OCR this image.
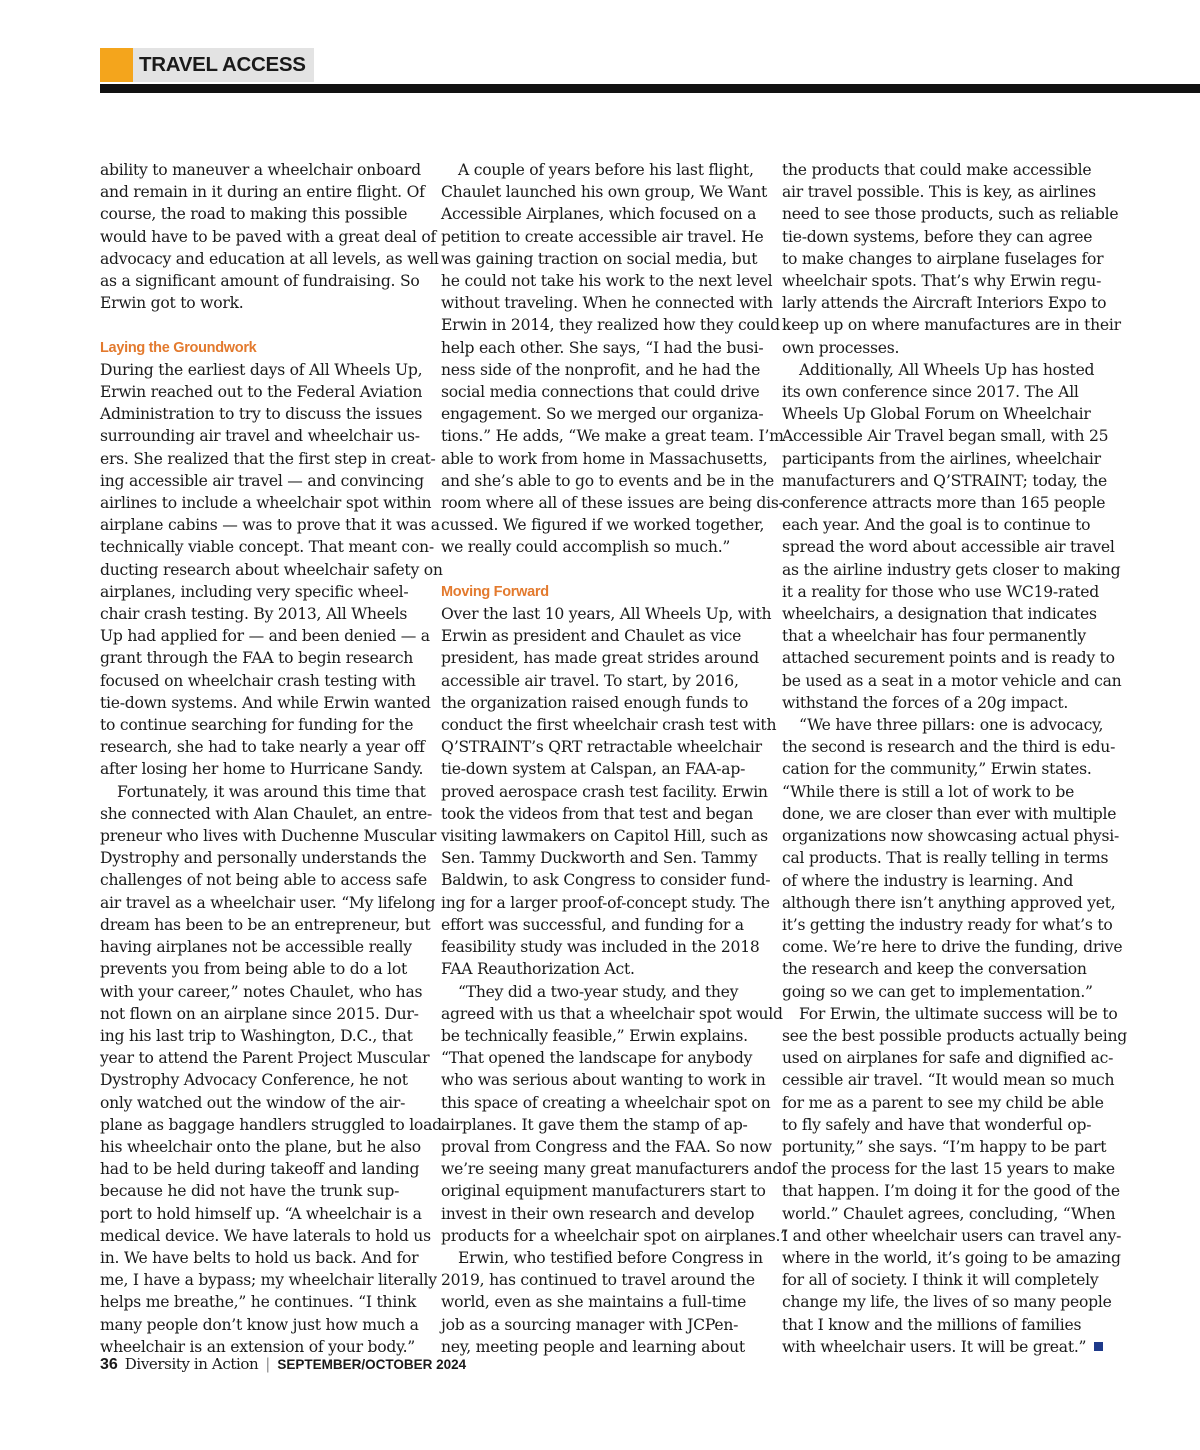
TRAVEL ACCESS

ability to maneuver a wheelchair onboard

and remain in it during an entire flight. Of

course, the road to making this possible

would have to be paved with a great deal of

advocacy and education at all levels, as well

as a significant amount of fundraising. So

Erwin got to work.

Laying the Groundwork

During the earliest days of All Wheels Up,

Erwin reached out to the Federal Aviation

Administration to try to discuss the issues

surrounding air travel and wheelchair us-

ers. She realized that the first step in creat-

ing accessible air travel — and convincing

airlines to include a wheelchair spot within

airplane cabins — was to prove that it was a

technically viable concept. That meant con-

ducting research about wheelchair safety on

airplanes, including very specific wheel-

chair crash testing. By 2013, All Wheels

Up had applied for — and been denied — a

grant through the FAA to begin research

focused on wheelchair crash testing with

tie-down systems. And while Erwin wanted

to continue searching for funding for the

research, she had to take nearly a year off

after losing her home to Hurricane Sandy.

Fortunately, it was around this time that

she connected with Alan Chaulet, an entre-

preneur who lives with Duchenne Muscular

Dystrophy and personally understands the

challenges of not being able to access safe

air travel as a wheelchair user. “My lifelong

dream has been to be an entrepreneur, but

having airplanes not be accessible really

prevents you from being able to do a lot

with your career,” notes Chaulet, who has

not flown on an airplane since 2015. Dur-

ing his last trip to Washington, D.C., that

year to attend the Parent Project Muscular

Dystrophy Advocacy Conference, he not

only watched out the window of the air-

plane as baggage handlers struggled to load

his wheelchair onto the plane, but he also

had to be held during takeoff and landing

because he did not have the trunk sup-

port to hold himself up. “A wheelchair is a

medical device. We have laterals to hold us

in. We have belts to hold us back. And for

me, I have a bypass; my wheelchair literally

helps me breathe,” he continues. “I think

many people don’t know just how much a

wheelchair is an extension of your body.”

A couple of years before his last flight,

Chaulet launched his own group, We Want

Accessible Airplanes, which focused on a

petition to create accessible air travel. He

was gaining traction on social media, but

he could not take his work to the next level

without traveling. When he connected with

Erwin in 2014, they realized how they could

help each other. She says, “I had the busi-

ness side of the nonprofit, and he had the

social media connections that could drive

engagement. So we merged our organiza-

tions.” He adds, “We make a great team. I’m

able to work from home in Massachusetts,

and she’s able to go to events and be in the

room where all of these issues are being dis-

cussed. We figured if we worked together,

we really could accomplish so much.”

Moving Forward

Over the last 10 years, All Wheels Up, with

Erwin as president and Chaulet as vice

president, has made great strides around

accessible air travel. To start, by 2016,

the organization raised enough funds to

conduct the first wheelchair crash test with

Q’STRAINT’s QRT retractable wheelchair

tie-down system at Calspan, an FAA-ap-

proved aerospace crash test facility. Erwin

took the videos from that test and began

visiting lawmakers on Capitol Hill, such as

Sen. Tammy Duckworth and Sen. Tammy

Baldwin, to ask Congress to consider fund-

ing for a larger proof-of-concept study. The

effort was successful, and funding for a

feasibility study was included in the 2018

FAA Reauthorization Act.

“They did a two-year study, and they

agreed with us that a wheelchair spot would

be technically feasible,” Erwin explains.

“That opened the landscape for anybody

who was serious about wanting to work in

this space of creating a wheelchair spot on

airplanes. It gave them the stamp of ap-

proval from Congress and the FAA. So now

we’re seeing many great manufacturers and

original equipment manufacturers start to

invest in their own research and develop

products for a wheelchair spot on airplanes.”

Erwin, who testified before Congress in

2019, has continued to travel around the

world, even as she maintains a full-time

job as a sourcing manager with JCPen-

ney, meeting people and learning about

the products that could make accessible

air travel possible. This is key, as airlines

need to see those products, such as reliable

tie-down systems, before they can agree

to make changes to airplane fuselages for

wheelchair spots. That’s why Erwin regu-

larly attends the Aircraft Interiors Expo to

keep up on where manufactures are in their

own processes.

Additionally, All Wheels Up has hosted

its own conference since 2017. The All

Wheels Up Global Forum on Wheelchair

Accessible Air Travel began small, with 25

participants from the airlines, wheelchair

manufacturers and Q’STRAINT; today, the

conference attracts more than 165 people

each year. And the goal is to continue to

spread the word about accessible air travel

as the airline industry gets closer to making

it a reality for those who use WC19-rated

wheelchairs, a designation that indicates

that a wheelchair has four permanently

attached securement points and is ready to

be used as a seat in a motor vehicle and can

withstand the forces of a 20g impact.

“We have three pillars: one is advocacy,

the second is research and the third is edu-

cation for the community,” Erwin states.

“While there is still a lot of work to be

done, we are closer than ever with multiple

organizations now showcasing actual physi-

cal products. That is really telling in terms

of where the industry is learning. And

although there isn’t anything approved yet,

it’s getting the industry ready for what’s to

come. We’re here to drive the funding, drive

the research and keep the conversation

going so we can get to implementation.”

For Erwin, the ultimate success will be to

see the best possible products actually being

used on airplanes for safe and dignified ac-

cessible air travel. “It would mean so much

for me as a parent to see my child be able

to fly safely and have that wonderful op-

portunity,” she says. “I’m happy to be part

of the process for the last 15 years to make

that happen. I’m doing it for the good of the

world.” Chaulet agrees, concluding, “When

I and other wheelchair users can travel any-

where in the world, it’s going to be amazing

for all of society. I think it will completely

change my life, the lives of so many people

that I know and the millions of families

with wheelchair users. It will be great.”

36 Diversity in Action | SEPTEMBER/OCTOBER 2024
